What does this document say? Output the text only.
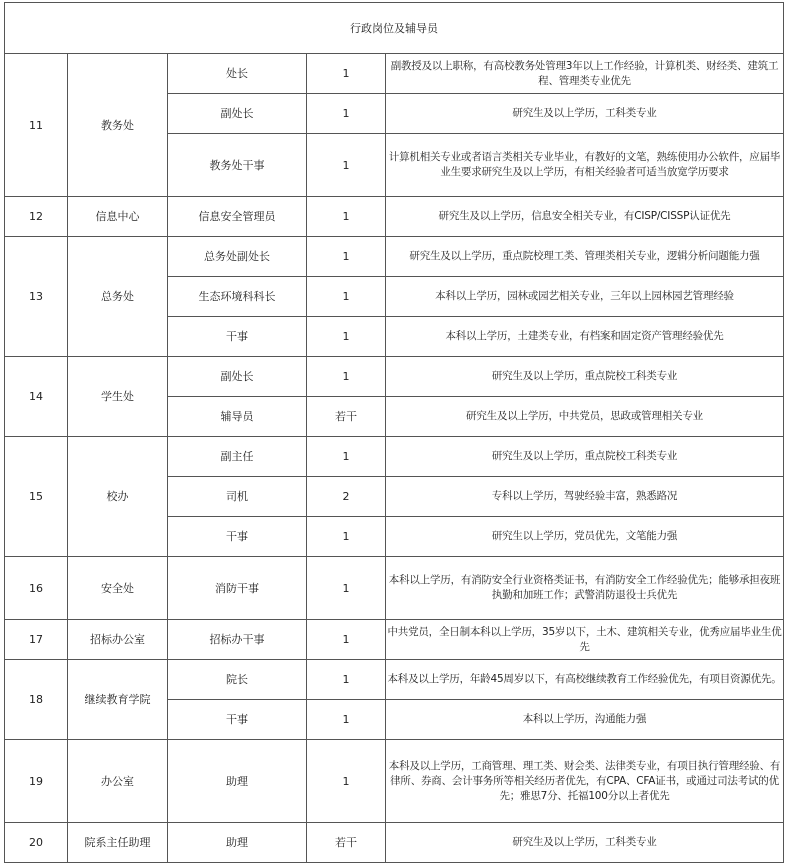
行政岗位及辅导员				
11	教务处	处长	1	副教授及以上职称，有高校教务处管理3年以上工作经验，计算机类、财经类、建筑工程、管理类专业优先
		副处长	1	研究生及以上学历，工科类专业
		教务处干事	1	计算机相关专业或者语言类相关专业毕业，有教好的文笔，熟练使用办公软件，应届毕业生要求研究生及以上学历，有相关经验者可适当放宽学历要求
12	信息中心	信息安全管理员	1	研究生及以上学历，信息安全相关专业，有CISP/CISSP认证优先
13	总务处	总务处副处长	1	研究生及以上学历，重点院校理工类、管理类相关专业，逻辑分析问题能力强
		生态环境科科长	1	本科以上学历，园林或园艺相关专业，三年以上园林园艺管理经验
		干事	1	本科以上学历，土建类专业，有档案和固定资产管理经验优先
14	学生处	副处长	1	研究生及以上学历，重点院校工科类专业
		辅导员	若干	研究生及以上学历，中共党员，思政或管理相关专业
15	校办	副主任	1	研究生及以上学历，重点院校工科类专业
		司机	2	专科以上学历，驾驶经验丰富，熟悉路况
		干事	1	研究生以上学历，党员优先，文笔能力强
16	安全处	消防干事	1	本科以上学历，有消防安全行业资格类证书，有消防安全工作经验优先；能够承担夜班执勤和加班工作；武警消防退役士兵优先
17	招标办公室	招标办干事	1	中共党员，全日制本科以上学历，35岁以下，土木、建筑相关专业，优秀应届毕业生优先
18	继续教育学院	院长	1	本科及以上学历，年龄45周岁以下，有高校继续教育工作经验优先，有项目资源优先。
		干事	1	本科以上学历，沟通能力强
19	办公室	助理	1	本科及以上学历，工商管理、理工类、财会类、法律类专业，有项目执行管理经验、有律所、券商、会计事务所等相关经历者优先，有CPA、CFA证书，或通过司法考试的优先；雅思7分、托福100分以上者优先
20	院系主任助理	助理	若干	研究生及以上学历，工科类专业
